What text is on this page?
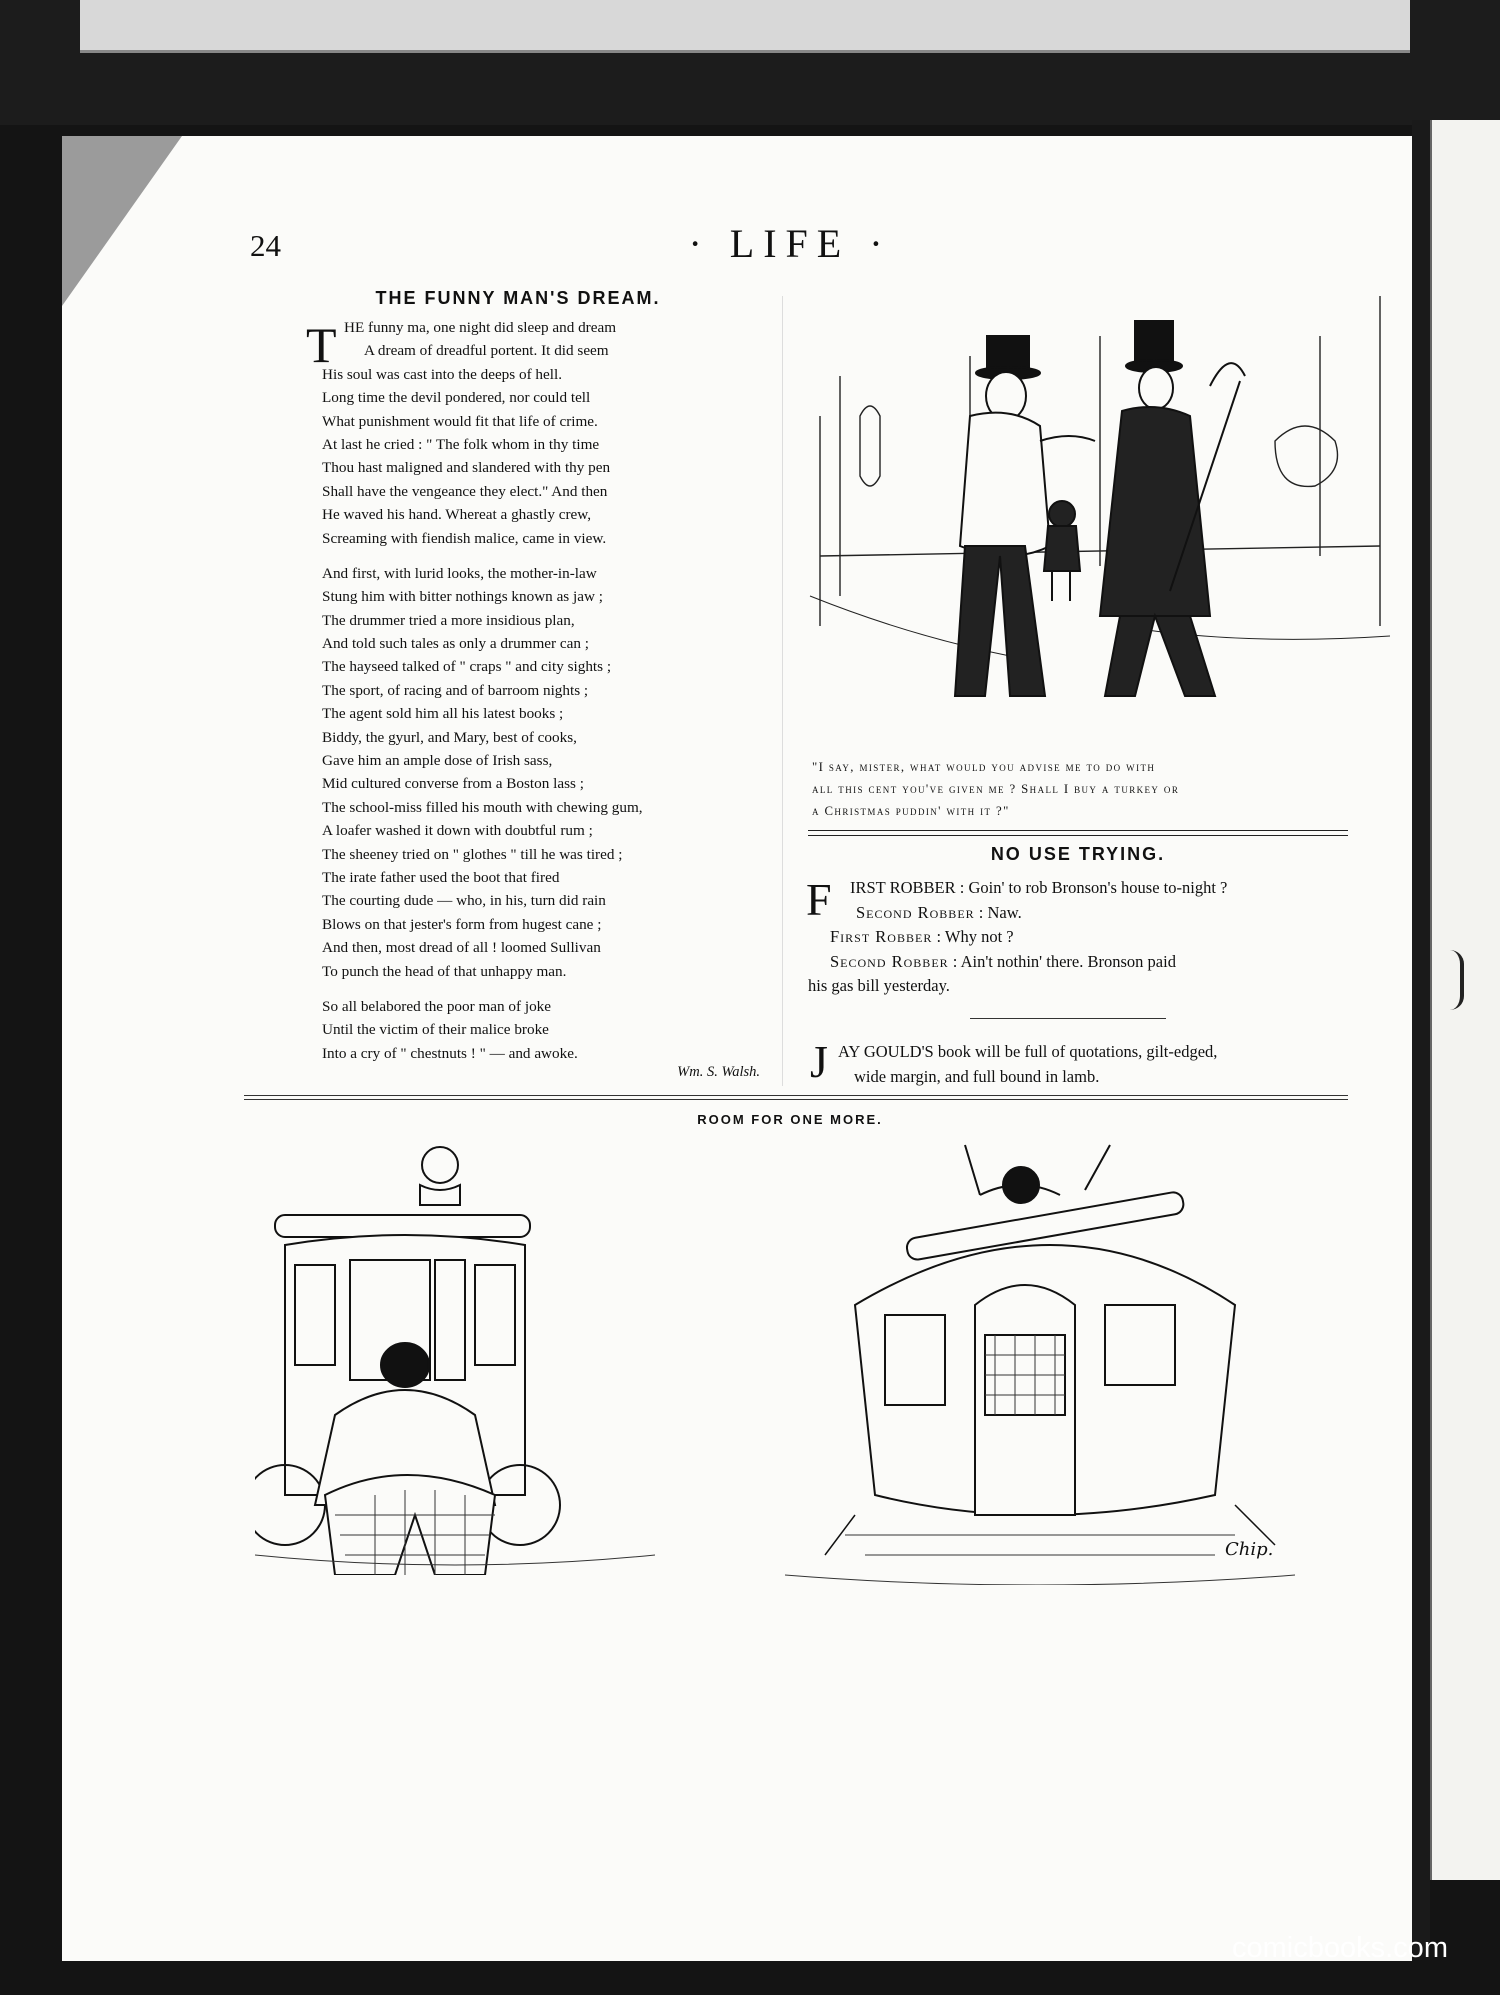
24	· LIFE ·
THE FUNNY MAN'S DREAM.
T HE funny ma, one night did sleep and dream
A dream of dreadful portent. It did seem
His soul was cast into the deeps of hell.
Long time the devil pondered, nor could tell
What punishment would fit that life of crime.
At last he cried : " The folk whom in thy time
Thou hast maligned and slandered with thy pen
Shall have the vengeance they elect." And then
He waved his hand. Whereat a ghastly crew,
Screaming with fiendish malice, came in view.
And first, with lurid looks, the mother-in-law
Stung him with bitter nothings known as jaw ;
The drummer tried a more insidious plan,
And told such tales as only a drummer can ;
The hayseed talked of " craps " and city sights ;
The sport, of racing and of barroom nights ;
The agent sold him all his latest books ;
Biddy, the gyurl, and Mary, best of cooks,
Gave him an ample dose of Irish sass,
Mid cultured converse from a Boston lass ;
The school-miss filled his mouth with chewing gum,
A loafer washed it down with doubtful rum ;
The sheeney tried on " glothes " till he was tired ;
The irate father used the boot that fired
The courting dude — who, in his, turn did rain
Blows on that jester's form from hugest cane ;
And then, most dread of all ! loomed Sullivan
To punch the head of that unhappy man.
So all belabored the poor man of joke
Until the victim of their malice broke
Into a cry of " chestnuts ! " — and awoke.
Wm. S. Walsh.
"I say, mister, what would you advise me to do with
all this cent you've given me ? Shall I buy a turkey or
a Christmas puddin' with it ?"
NO USE TRYING.
F	IRST ROBBER : Goin' to rob Bronson's house to-night ?
Second Robber : Naw.
First Robber : Why not ?
Second Robber : Ain't nothin' there. Bronson paid
his gas bill yesterday.
J AY GOULD'S book will be full of quotations, gilt-edged,
wide margin, and full bound in lamb.
ROOM FOR ONE MORE.
Chip.
comicbooks.com
